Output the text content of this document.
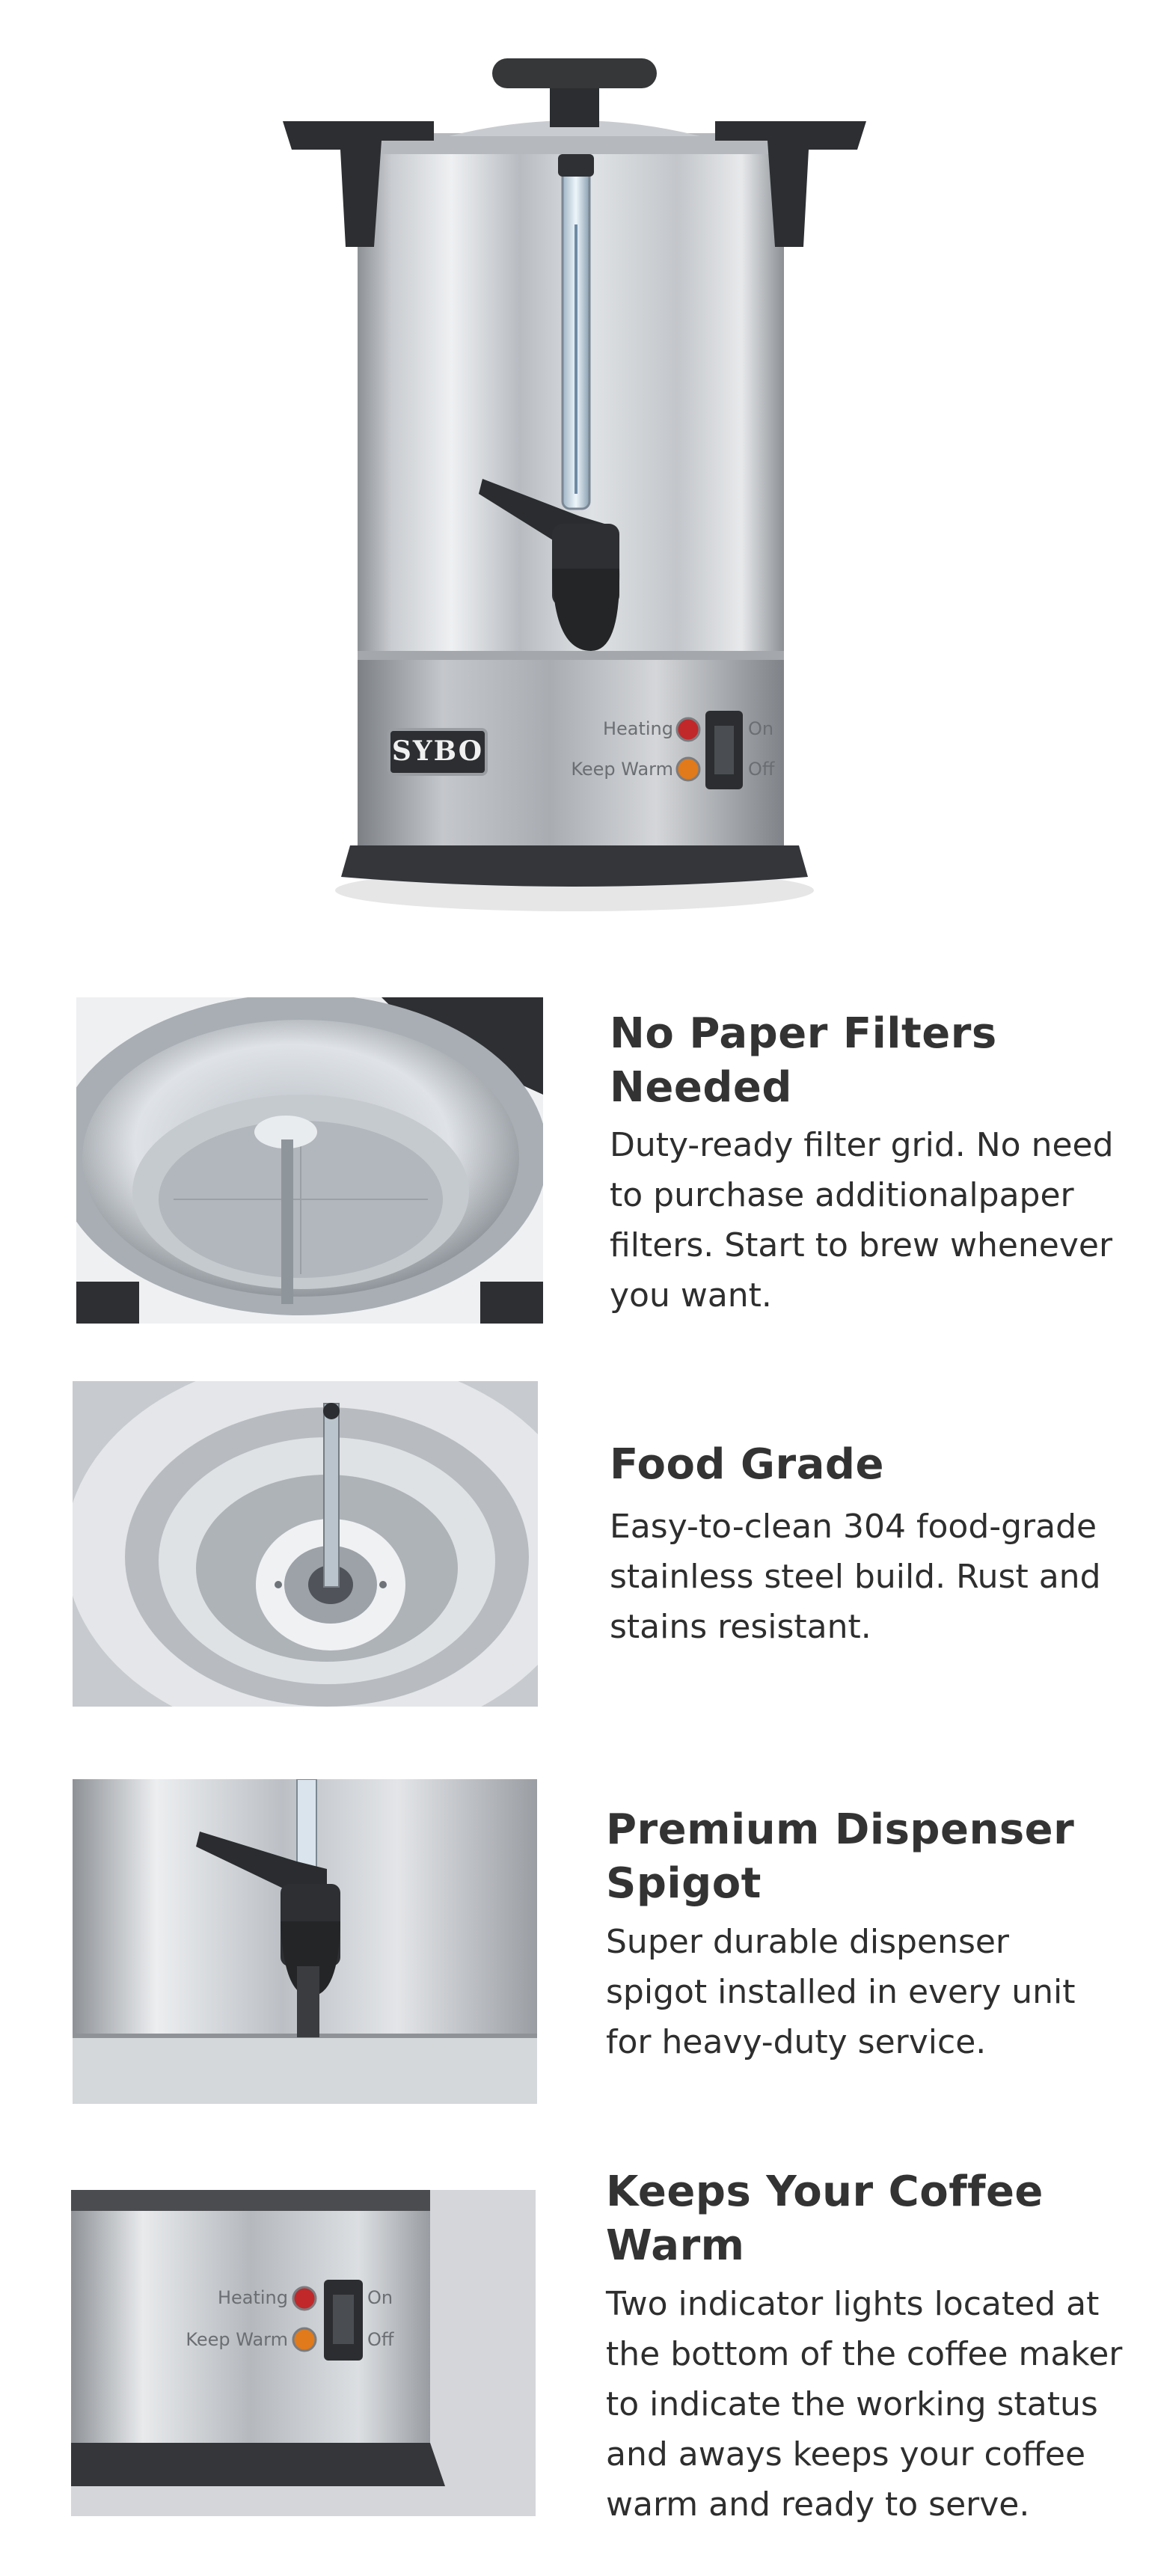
SYBO
Heating
Keep Warm
On
Off
No Paper Filters
Needed
Duty-ready filter grid. No need
to purchase additionalpaper
filters. Start to brew whenever
you want.
Food Grade
Easy-to-clean 304 food-grade
stainless steel build. Rust and
stains resistant.
Premium Dispenser
Spigot
Super durable dispenser
spigot installed in every unit
for heavy-duty service.
Heating
Keep Warm
On
Off
Keeps Your Coffee
Warm
Two indicator lights located at
the bottom of the coffee maker
to indicate the working status
and aways keeps your coffee
warm and ready to serve.
